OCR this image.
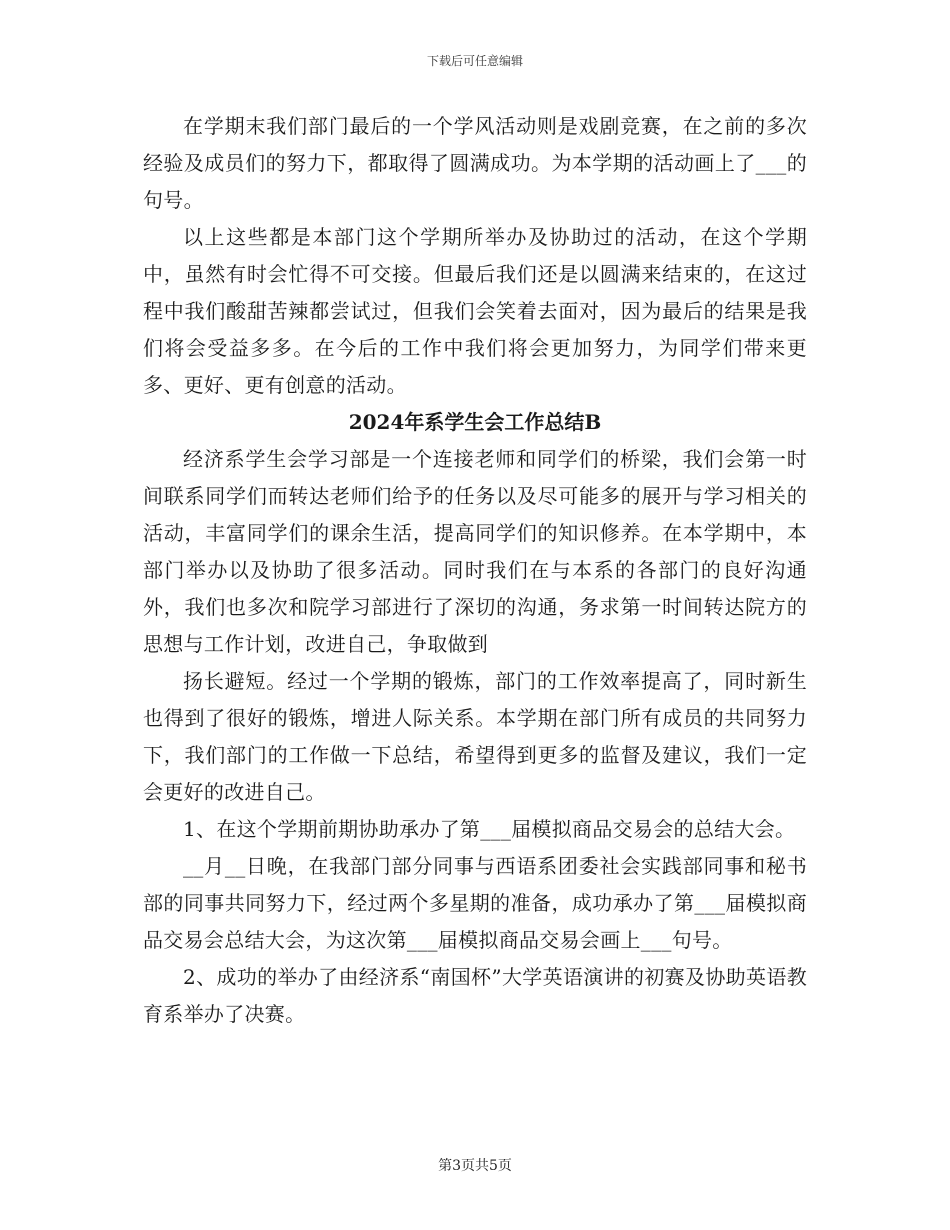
下载后可任意编辑

在学期末我们部门最后的一个学风活动则是戏剧竞赛，在之前的多次经验及成员们的努力下，都取得了圆满成功。为本学期的活动画上了___的句号。

以上这些都是本部门这个学期所举办及协助过的活动，在这个学期中，虽然有时会忙得不可交接。但最后我们还是以圆满来结束的，在这过程中我们酸甜苦辣都尝试过，但我们会笑着去面对，因为最后的结果是我们将会受益多多。在今后的工作中我们将会更加努力，为同学们带来更多、更好、更有创意的活动。

2024年系学生会工作总结B

经济系学生会学习部是一个连接老师和同学们的桥梁，我们会第一时间联系同学们而转达老师们给予的任务以及尽可能多的展开与学习相关的活动，丰富同学们的课余生活，提高同学们的知识修养。在本学期中，本部门举办以及协助了很多活动。同时我们在与本系的各部门的良好沟通外，我们也多次和院学习部进行了深切的沟通，务求第一时间转达院方的思想与工作计划，改进自己，争取做到

扬长避短。经过一个学期的锻炼，部门的工作效率提高了，同时新生也得到了很好的锻炼，增进人际关系。本学期在部门所有成员的共同努力下，我们部门的工作做一下总结，希望得到更多的监督及建议，我们一定会更好的改进自己。

1、在这个学期前期协助承办了第___届模拟商品交易会的总结大会。

__月__日晚，在我部门部分同事与西语系团委社会实践部同事和秘书部的同事共同努力下，经过两个多星期的准备，成功承办了第___届模拟商品交易会总结大会，为这次第___届模拟商品交易会画上___句号。

2、成功的举办了由经济系“南国杯”大学英语演讲的初赛及协助英语教育系举办了决赛。

第3页共5页
